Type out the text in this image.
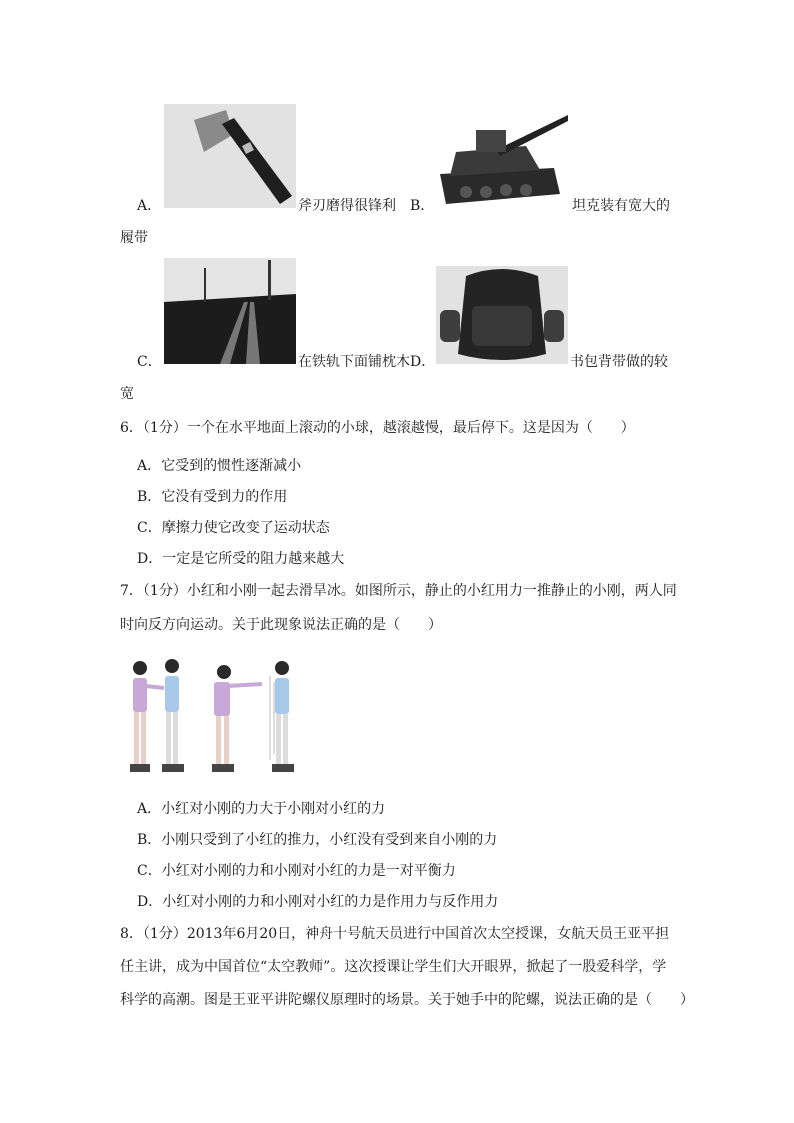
A．	斧刃磨得很锋利 B．	坦克装有宽大的
履带
C．	在铁轨下面铺枕木 D．	书包背带做的较
宽
6．（1分）一个在水平地面上滚动的小球，越滚越慢，最后停下。这是因为（　　）
A．它受到的惯性逐渐减小
B．它没有受到力的作用
C．摩擦力使它改变了运动状态
D．一定是它所受的阻力越来越大
7．（1分）小红和小刚一起去滑旱冰。如图所示，静止的小红用力一推静止的小刚，两人同
时向反方向运动。关于此现象说法正确的是（　　）
A．小红对小刚的力大于小刚对小红的力
B．小刚只受到了小红的推力，小红没有受到来自小刚的力
C．小红对小刚的力和小刚对小红的力是一对平衡力
D．小红对小刚的力和小刚对小红的力是作用力与反作用力
8．（1分）2013年6月20日，神舟十号航天员进行中国首次太空授课，女航天员王亚平担
任主讲，成为中国首位“太空教师”。这次授课让学生们大开眼界，掀起了一股爱科学，学
科学的高潮。图是王亚平讲陀螺仪原理时的场景。关于她手中的陀螺，说法正确的是（　　）
